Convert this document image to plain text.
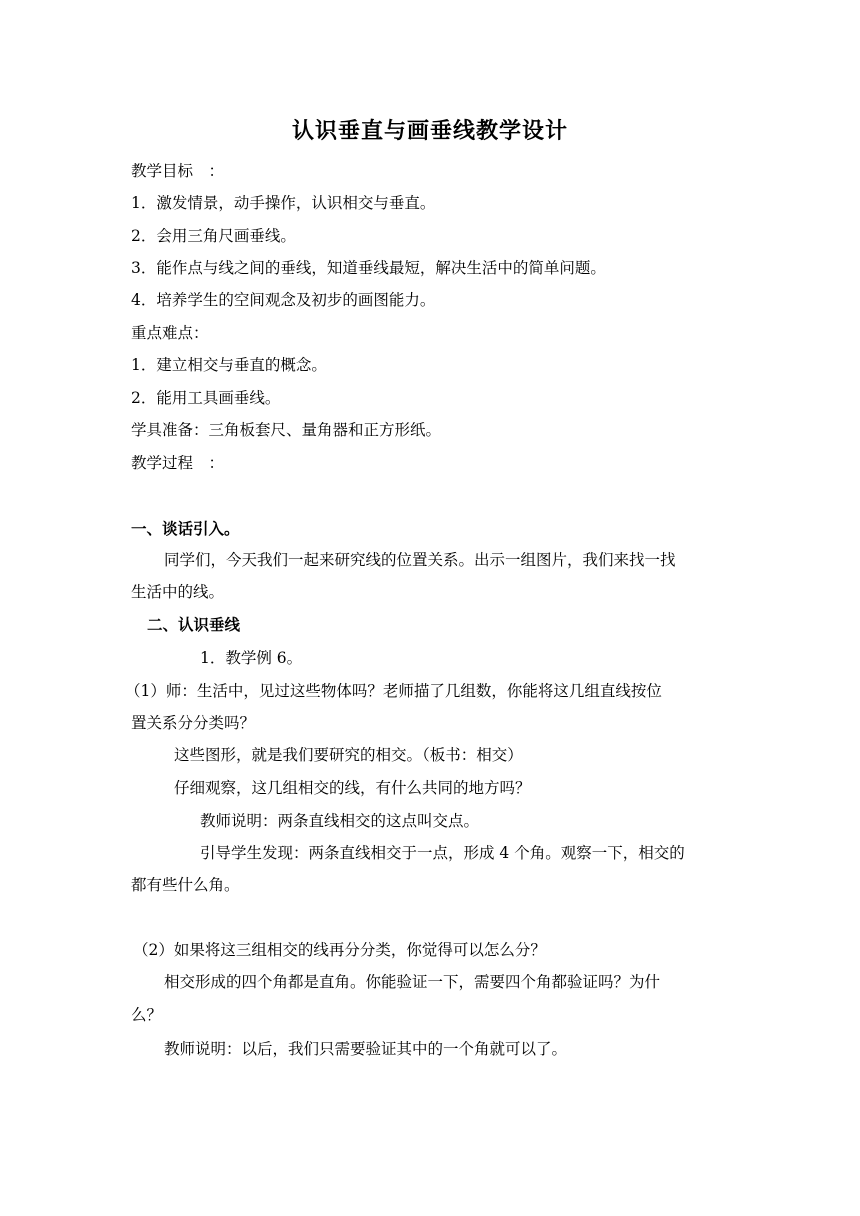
认识垂直与画垂线教学设计
教学目标　：
1．激发情景，动手操作，认识相交与垂直。
2．会用三角尺画垂线。
3．能作点与线之间的垂线，知道垂线最短，解决生活中的简单问题。
4．培养学生的空间观念及初步的画图能力。
重点难点：
1．建立相交与垂直的概念。
2．能用工具画垂线。
学具准备：三角板套尺、量角器和正方形纸。
教学过程　：
一、谈话引入。
同学们，今天我们一起来研究线的位置关系。出示一组图片，我们来找一找
生活中的线。
二、认识垂线
1．教学例 6。
（1）师：生活中，见过这些物体吗？老师描了几组数，你能将这几组直线按位
置关系分分类吗？
这些图形，就是我们要研究的相交。（板书：相交）
仔细观察，这几组相交的线，有什么共同的地方吗？
教师说明：两条直线相交的这点叫交点。
引导学生发现：两条直线相交于一点，形成 4 个角。观察一下，相交的
都有些什么角。
（2）如果将这三组相交的线再分分类，你觉得可以怎么分？
相交形成的四个角都是直角。你能验证一下，需要四个角都验证吗？为什
么？
教师说明：以后，我们只需要验证其中的一个角就可以了。
